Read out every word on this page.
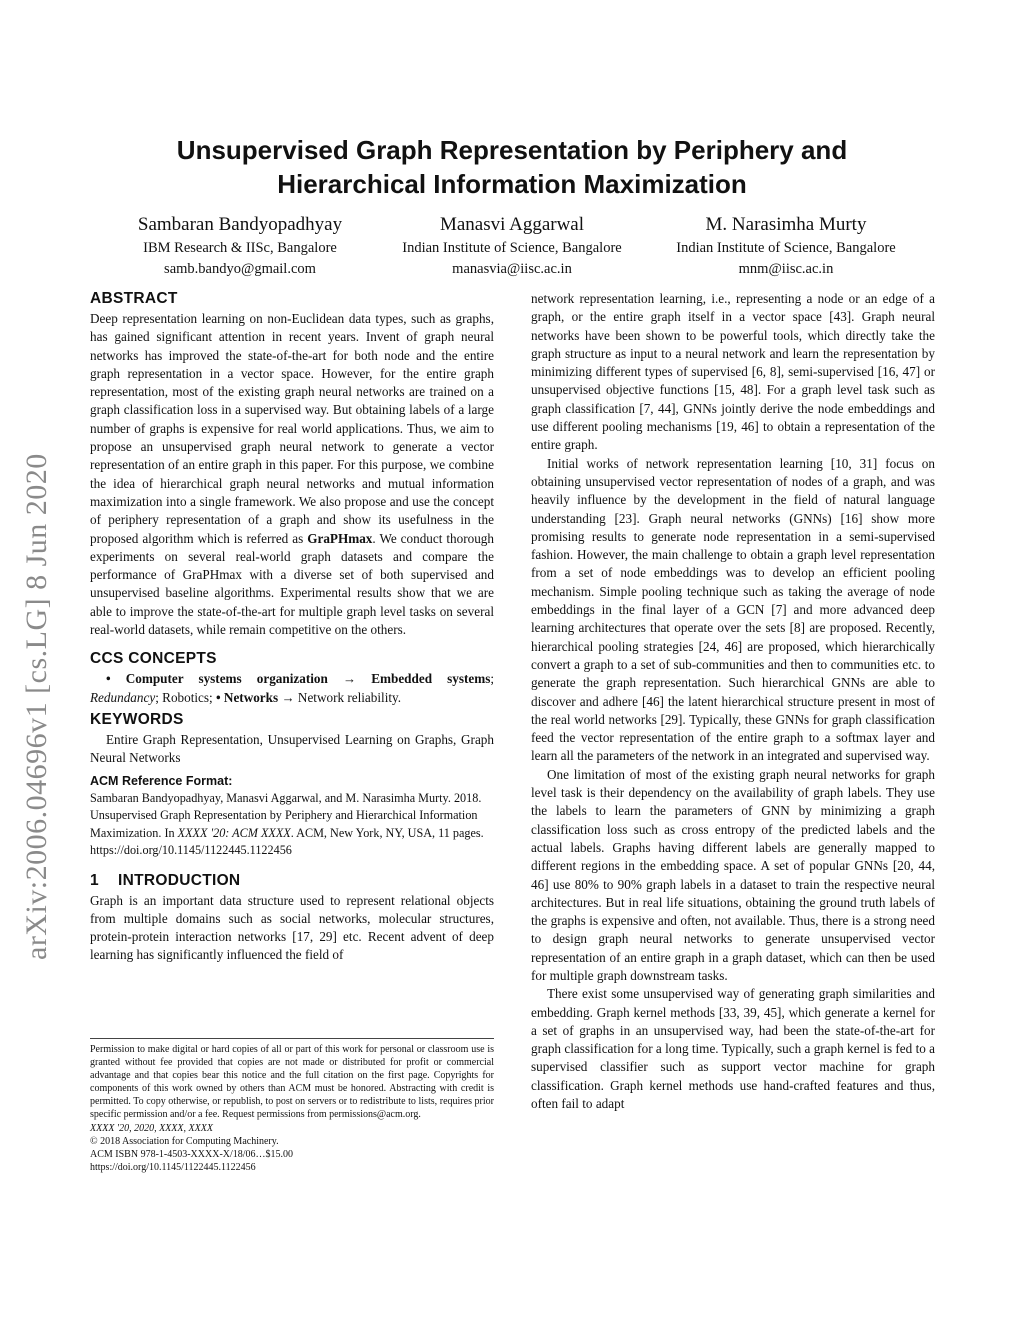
arXiv:2006.04696v1 [cs.LG] 8 Jun 2020
Unsupervised Graph Representation by Periphery and Hierarchical Information Maximization
Sambaran Bandyopadhyay
IBM Research & IISc, Bangalore
samb.bandyo@gmail.com
Manasvi Aggarwal
Indian Institute of Science, Bangalore
manasvia@iisc.ac.in
M. Narasimha Murty
Indian Institute of Science, Bangalore
mnm@iisc.ac.in
ABSTRACT

Deep representation learning on non-Euclidean data types, such as graphs, has gained significant attention in recent years. Invent of graph neural networks has improved the state-of-the-art for both node and the entire graph representation in a vector space. However, for the entire graph representation, most of the existing graph neural networks are trained on a graph classification loss in a supervised way. But obtaining labels of a large number of graphs is expensive for real world applications. Thus, we aim to propose an unsupervised graph neural network to generate a vector representation of an entire graph in this paper. For this purpose, we combine the idea of hierarchical graph neural networks and mutual information maximization into a single framework. We also propose and use the concept of periphery representation of a graph and show its usefulness in the proposed algorithm which is referred as GraPHmax. We conduct thorough experiments on several real-world graph datasets and compare the performance of GraPHmax with a diverse set of both supervised and unsupervised baseline algorithms. Experimental results show that we are able to improve the state-of-the-art for multiple graph level tasks on several real-world datasets, while remain competitive on the others.

CCS CONCEPTS

• Computer systems organization → Embedded systems; Redundancy; Robotics; • Networks → Network reliability.

KEYWORDS

Entire Graph Representation, Unsupervised Learning on Graphs, Graph Neural Networks

ACM Reference Format:

Sambaran Bandyopadhyay, Manasvi Aggarwal, and M. Narasimha Murty. 2018. Unsupervised Graph Representation by Periphery and Hierarchical Information Maximization. In XXXX '20: ACM XXXX. ACM, New York, NY, USA, 11 pages. https://doi.org/10.1145/1122445.1122456

1 INTRODUCTION

Graph is an important data structure used to represent relational objects from multiple domains such as social networks, molecular structures, protein-protein interaction networks [17, 29] etc. Recent advent of deep learning has significantly influenced the field of

Permission to make digital or hard copies of all or part of this work for personal or classroom use is granted without fee provided that copies are not made or distributed for profit or commercial advantage and that copies bear this notice and the full citation on the first page. Copyrights for components of this work owned by others than ACM must be honored. Abstracting with credit is permitted. To copy otherwise, or republish, to post on servers or to redistribute to lists, requires prior specific permission and/or a fee. Request permissions from permissions@acm.org.

XXXX '20, 2020, XXXX, XXXX
© 2018 Association for Computing Machinery.
ACM ISBN 978-1-4503-XXXX-X/18/06…$15.00
https://doi.org/10.1145/1122445.1122456

network representation learning, i.e., representing a node or an edge of a graph, or the entire graph itself in a vector space [43]. Graph neural networks have been shown to be powerful tools, which directly take the graph structure as input to a neural network and learn the representation by minimizing different types of supervised [6, 8], semi-supervised [16, 47] or unsupervised objective functions [15, 48]. For a graph level task such as graph classification [7, 44], GNNs jointly derive the node embeddings and use different pooling mechanisms [19, 46] to obtain a representation of the entire graph.

Initial works of network representation learning [10, 31] focus on obtaining unsupervised vector representation of nodes of a graph, and was heavily influence by the development in the field of natural language understanding [23]. Graph neural networks (GNNs) [16] show more promising results to generate node representation in a semi-supervised fashion. However, the main challenge to obtain a graph level representation from a set of node embeddings was to develop an efficient pooling mechanism. Simple pooling technique such as taking the average of node embeddings in the final layer of a GCN [7] and more advanced deep learning architectures that operate over the sets [8] are proposed. Recently, hierarchical pooling strategies [24, 46] are proposed, which hierarchically convert a graph to a set of sub-communities and then to communities etc. to generate the graph representation. Such hierarchical GNNs are able to discover and adhere [46] the latent hierarchical structure present in most of the real world networks [29]. Typically, these GNNs for graph classification feed the vector representation of the entire graph to a softmax layer and learn all the parameters of the network in an integrated and supervised way.

One limitation of most of the existing graph neural networks for graph level task is their dependency on the availability of graph labels. They use the labels to learn the parameters of GNN by minimizing a graph classification loss such as cross entropy of the predicted labels and the actual labels. Graphs having different labels are generally mapped to different regions in the embedding space. A set of popular GNNs [20, 44, 46] use 80% to 90% graph labels in a dataset to train the respective neural architectures. But in real life situations, obtaining the ground truth labels of the graphs is expensive and often, not available. Thus, there is a strong need to design graph neural networks to generate unsupervised vector representation of an entire graph in a graph dataset, which can then be used for multiple graph downstream tasks.

There exist some unsupervised way of generating graph similarities and embedding. Graph kernel methods [33, 39, 45], which generate a kernel for a set of graphs in an unsupervised way, had been the state-of-the-art for graph classification for a long time. Typically, such a graph kernel is fed to a supervised classifier such as support vector machine for graph classification. Graph kernel methods use hand-crafted features and thus, often fail to adapt
